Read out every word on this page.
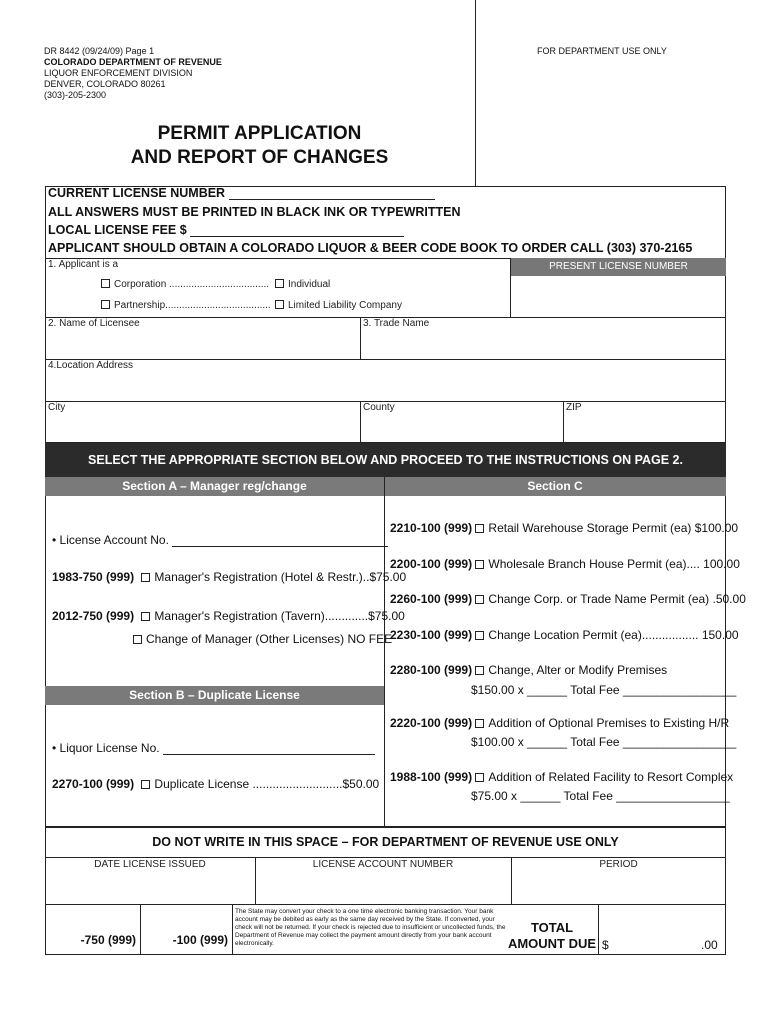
DR 8442 (09/24/09) Page 1
COLORADO DEPARTMENT OF REVENUE
LIQUOR ENFORCEMENT DIVISION
DENVER, COLORADO 80261
(303)-205-2300
FOR DEPARTMENT USE ONLY
PERMIT APPLICATION
AND REPORT OF CHANGES
CURRENT LICENSE NUMBER
ALL ANSWERS MUST BE PRINTED IN BLACK INK OR TYPEWRITTEN
LOCAL LICENSE FEE $
APPLICANT SHOULD OBTAIN A COLORADO LIQUOR & BEER CODE BOOK TO ORDER CALL (303) 370-2165
1. Applicant is a	PRESENT LICENSE NUMBER
Corporation ....................................	Individual
Partnership......................................	Limited Liability Company
2. Name of Licensee	3. Trade Name
4.Location Address
City	County	ZIP
SELECT THE APPROPRIATE SECTION BELOW AND PROCEED TO THE INSTRUCTIONS ON PAGE 2.
Section A – Manager reg/change	Section C
• License Account No.
1983-750 (999) Manager's Registration (Hotel & Restr.)..$75.00
2012-750 (999) Manager's Registration (Tavern).............$75.00
Change of Manager (Other Licenses) NO FEE
Section B – Duplicate License
• Liquor License No.
2270-100 (999) Duplicate License ...........................$50.00
2210-100 (999) Retail Warehouse Storage Permit (ea) $100.00
2200-100 (999) Wholesale Branch House Permit (ea).... 100.00
2260-100 (999) Change Corp. or Trade Name Permit (ea) .50.00
2230-100 (999) Change Location Permit (ea)................. 150.00
2280-100 (999) Change, Alter or Modify Premises
$150.00 x ______ Total Fee _________________
2220-100 (999) Addition of Optional Premises to Existing H/R
$100.00 x ______ Total Fee _________________
1988-100 (999) Addition of Related Facility to Resort Complex
$75.00 x ______ Total Fee _________________
DO NOT WRITE IN THIS SPACE – FOR DEPARTMENT OF REVENUE USE ONLY
DATE LICENSE ISSUED	LICENSE ACCOUNT NUMBER	PERIOD
-750 (999)	-100 (999)
The State may convert your check to a one time electronic banking transaction. Your bank account may be debited as early as the same day received by the State. If converted, your check will not be returned. If your check is rejected due to insufficient or uncollected funds, the Department of Revenue may collect the payment amount directly from your bank account electronically.
TOTAL
AMOUNT DUE $	.00
